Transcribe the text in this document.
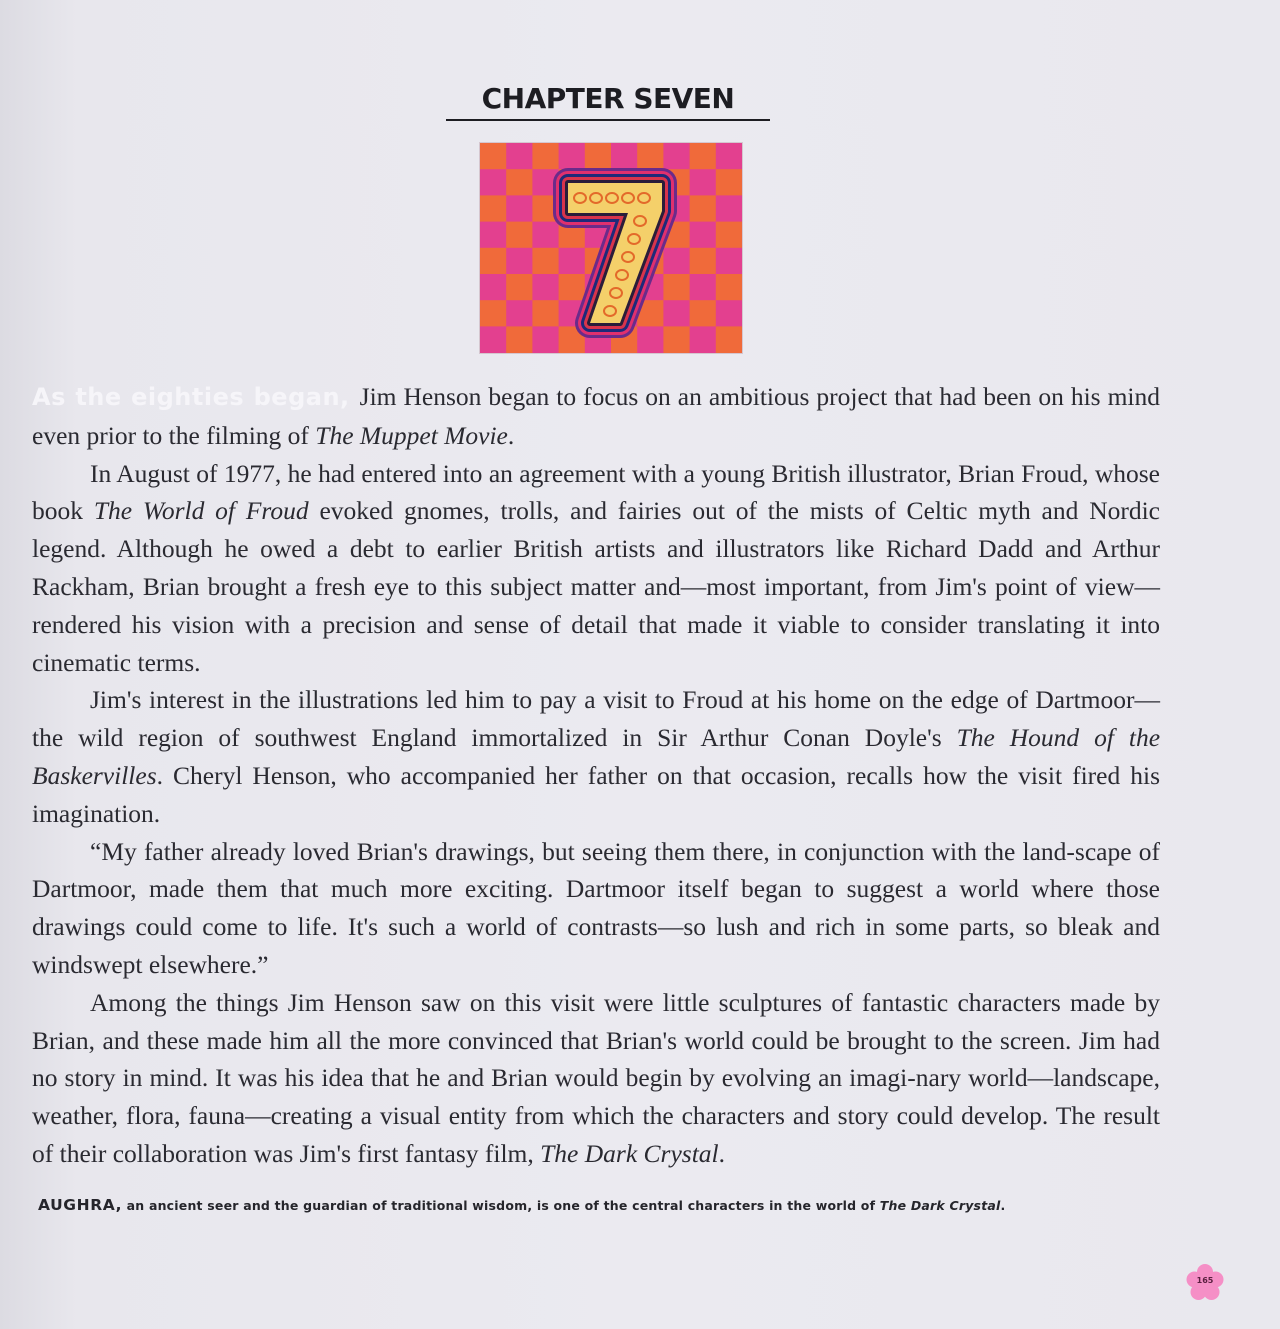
CHAPTER SEVEN

As the eighties began, Jim Henson began to focus on an ambitious project that had been on his mind even prior to the filming of The Muppet Movie.

In August of 1977, he had entered into an agreement with a young British illustrator, Brian Froud, whose book The World of Froud evoked gnomes, trolls, and fairies out of the mists of Celtic myth and Nordic legend. Although he owed a debt to earlier British artists and illustrators like Richard Dadd and Arthur Rackham, Brian brought a fresh eye to this subject matter and—most important, from Jim's point of view—rendered his vision with a precision and sense of detail that made it viable to consider translating it into cinematic terms.

Jim's interest in the illustrations led him to pay a visit to Froud at his home on the edge of Dartmoor—the wild region of southwest England immortalized in Sir Arthur Conan Doyle's The Hound of the Baskervilles. Cheryl Henson, who accompanied her father on that occasion, recalls how the visit fired his imagination.

“My father already loved Brian's drawings, but seeing them there, in conjunction with the land-scape of Dartmoor, made them that much more exciting. Dartmoor itself began to suggest a world where those drawings could come to life. It's such a world of contrasts—so lush and rich in some parts, so bleak and windswept elsewhere.”

Among the things Jim Henson saw on this visit were little sculptures of fantastic characters made by Brian, and these made him all the more convinced that Brian's world could be brought to the screen. Jim had no story in mind. It was his idea that he and Brian would begin by evolving an imagi-nary world—landscape, weather, flora, fauna—creating a visual entity from which the characters and story could develop. The result of their collaboration was Jim's first fantasy film, The Dark Crystal.

AUGHRA, an ancient seer and the guardian of traditional wisdom, is one of the central characters in the world of The Dark Crystal.
165
